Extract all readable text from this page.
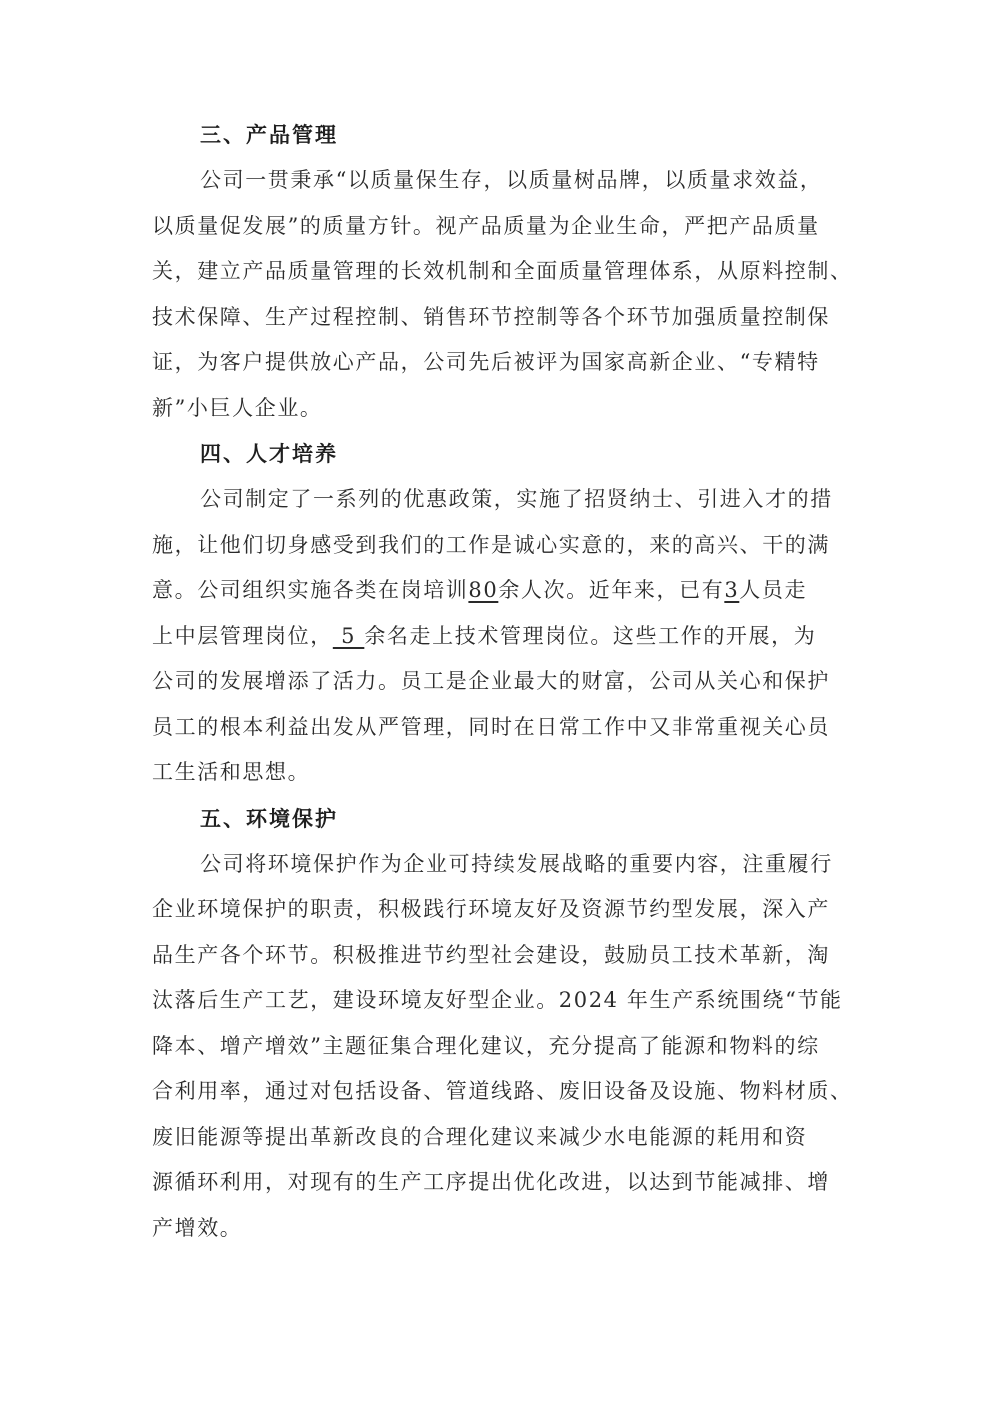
三、产品管理

公司一贯秉承“以质量保生存，以质量树品牌，以质量求效益，

以质量促发展”的质量方针。视产品质量为企业生命，严把产品质量

关，建立产品质量管理的长效机制和全面质量管理体系，从原料控制、

技术保障、生产过程控制、销售环节控制等各个环节加强质量控制保

证，为客户提供放心产品，公司先后被评为国家高新企业、“专精特

新”小巨人企业。

四、人才培养

公司制定了一系列的优惠政策，实施了招贤纳士、引进入才的措

施，让他们切身感受到我们的工作是诚心实意的，来的高兴、干的满

意。公司组织实施各类在岗培训80余人次。近年来，已有3人员走

上中层管理岗位， 5 余名走上技术管理岗位。这些工作的开展，为

公司的发展增添了活力。员工是企业最大的财富，公司从关心和保护

员工的根本利益出发从严管理，同时在日常工作中又非常重视关心员

工生活和思想。

五、环境保护

公司将环境保护作为企业可持续发展战略的重要内容，注重履行

企业环境保护的职责，积极践行环境友好及资源节约型发展，深入产

品生产各个环节。积极推进节约型社会建设，鼓励员工技术革新，淘

汰落后生产工艺，建设环境友好型企业。2024 年生产系统围绕“节能

降本、增产增效”主题征集合理化建议，充分提高了能源和物料的综

合利用率，通过对包括设备、管道线路、废旧设备及设施、物料材质、

废旧能源等提出革新改良的合理化建议来减少水电能源的耗用和资

源循环利用，对现有的生产工序提出优化改进，以达到节能减排、增

产增效。
